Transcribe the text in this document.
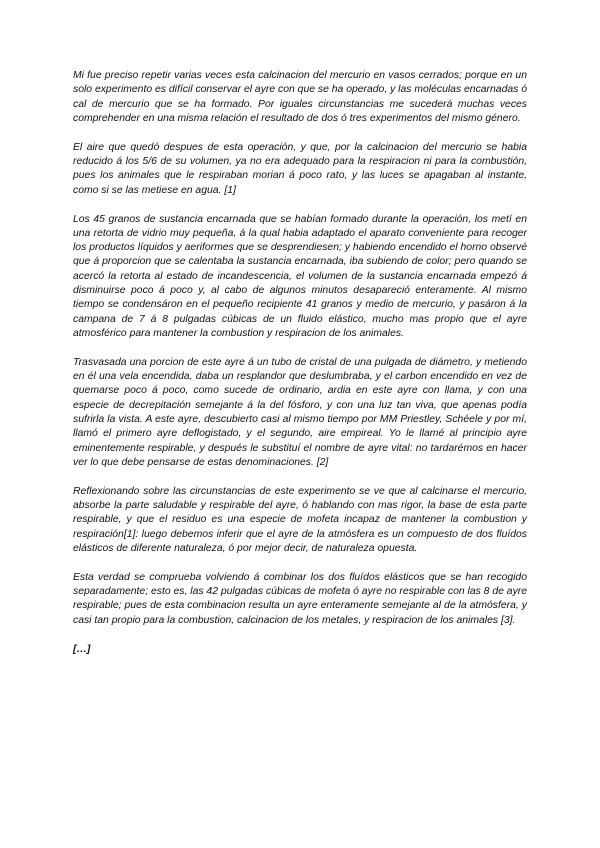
Mi fue preciso repetir varias veces esta calcinacion del mercurio en vasos cerrados; porque en un solo experimento es difícil conservar el ayre con que se ha operado, y las moléculas encarnadas ó cal de mercurio que se ha formado. Por iguales circunstancias me sucederá muchas veces comprehender en una misma relación el resultado de dos ó tres experimentos del mismo género.

El aire que quedó despues de esta operación, y que, por la calcinacion del mercurio se habia reducido á los 5/6 de su volumen, ya no era adequado para la respiracion ni para la combustión, pues los animales que le respiraban morian á poco rato, y las luces se apagaban al instante, como si se las metiese en agua. [1]

Los 45 granos de sustancia encarnada que se habían formado durante la operación, los metí en una retorta de vidrio muy pequeña, á la qual habia adaptado el aparato conveniente para recoger los productos líquidos y aeriformes que se desprendiesen; y habiendo encendido el horno observé que á proporcion que se calentaba la sustancia encarnada, iba subiendo de color; pero quando se acercó la retorta al estado de incandescencia, el volumen de la sustancia encarnada empezó á disminuirse poco á poco y, al cabo de algunos minutos desapareció enteramente. Al mismo tiempo se condensáron en el pequeño recipiente 41 granos y medio de mercurio, y pasáron á la campana de 7 á 8 pulgadas cúbicas de un fluido elástico, mucho mas propio que el ayre atmosférico para mantener la combustion y respiracion de los animales.

Trasvasada una porcion de este ayre á un tubo de cristal de una pulgada de diámetro, y metiendo en él una vela encendida, daba un resplandor que deslumbraba, y el carbon encendido en vez de quemarse poco á poco, como sucede de ordinario, ardia en este ayre con llama, y con una especie de decrepitación semejante á la del fósforo, y con una luz tan viva, que apenas podía sufrirla la vista. A este ayre, descubierto casi al mismo tiempo por MM Priestley, Schéele y por mí, llamó el primero ayre deflogistado, y el segundo, aire empireal. Yo le llamé al principio ayre eminentemente respirable, y después le substituí el nombre de ayre vital: no tardarémos en hacer ver lo que debe pensarse de estas denominaciones. [2]

Reflexionando sobre las circunstancias de este experimento se ve que al calcinarse el mercurio, absorbe la parte saludable y respirable del ayre, ó hablando con mas rigor, la base de esta parte respirable, y que el residuo es una especie de mofeta incapaz de mantener la combustion y respiración[1]: luego debemos inferir que el ayre de la atmósfera es un compuesto de dos fluídos elásticos de diferente naturaleza, ó por mejor decir, de naturaleza opuesta.

Esta verdad se comprueba volviendo á combinar los dos fluídos elásticos que se han recogido separadamente; esto es, las 42 pulgadas cúbicas de mofeta ó ayre no respirable con las 8 de ayre respirable; pues de esta combinacion resulta un ayre enteramente semejante al de la atmósfera, y casi tan propio para la combustion, calcinacion de los metales, y respiracion de los animales [3].

[…]
